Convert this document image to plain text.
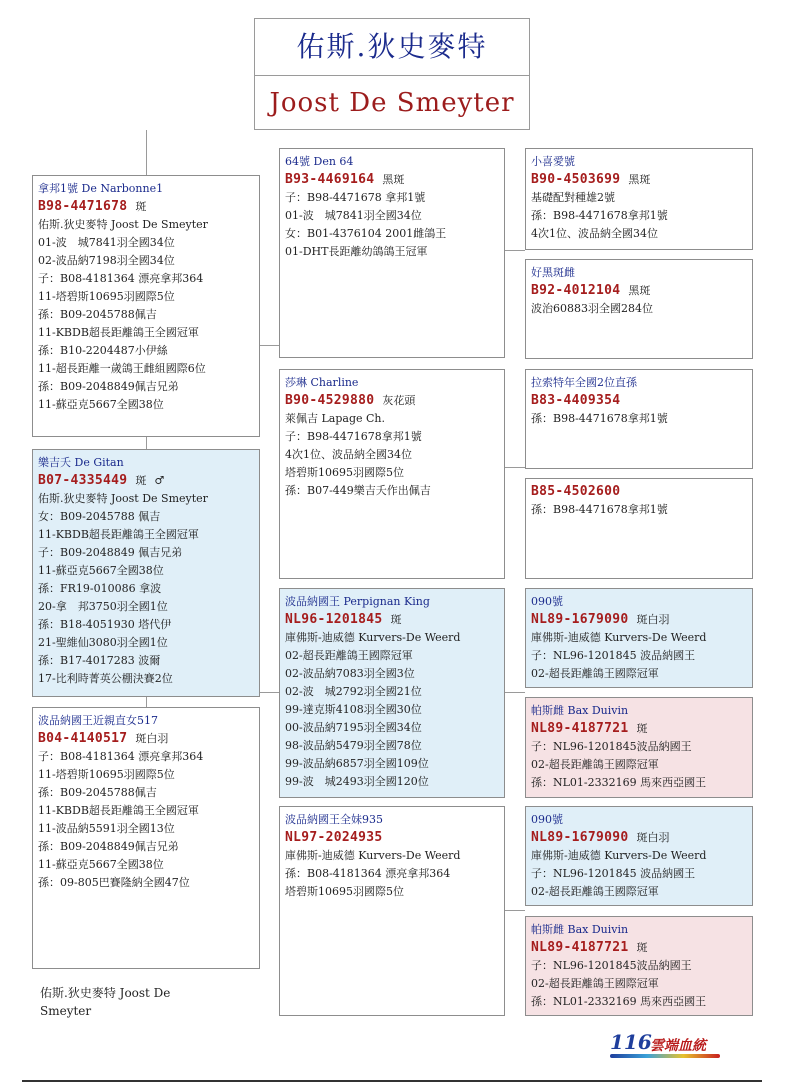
佑斯.狄史麥特
Joost De Smeyter
拿邦1號 De Narbonne1
B98-4471678 斑
佑斯.狄史麥特 Joost De Smeyter
01-波　城7841羽全國34位
02-波品納7198羽全國34位
子：B08-4181364 漂亮拿邦364
11-塔碧斯10695羽國際5位
孫：B09-2045788佩吉
11-KBDB超長距離鴿王全國冠軍
孫：B10-2204487小伊絲
11-超長距離一歲鴿王雌組國際6位
孫：B09-2048849佩吉兄弟
11-蘇亞克5667全國38位
64號 Den 64
B93-4469164 黑斑
子：B98-4471678 拿邦1號
01-波　城7841羽全國34位
女：B01-4376104 2001雌鴿王
01-DHT長距離幼鴿鴿王冠軍
小喜愛號
B90-4503699 黑斑
基礎配對種雄2號
孫：B98-4471678拿邦1號
4次1位、波品納全國34位
好黑斑雌
B92-4012104 黑斑
波治60883羽全國284位
莎琳 Charline
B90-4529880 灰花頭
萊佩吉 Lapage Ch.
子：B98-4471678拿邦1號
4次1位、波品納全國34位
塔碧斯10695羽國際5位
孫：B07-449樂吉夭作出佩吉
拉索特年全國2位直孫
B83-4409354
孫：B98-4471678拿邦1號
B85-4502600
孫：B98-4471678拿邦1號
樂吉夭 De Gitan
B07-4335449 斑 ♂
佑斯.狄史麥特 Joost De Smeyter
女：B09-2045788 佩吉
11-KBDB超長距離鴿王全國冠軍
子：B09-2048849 佩吉兄弟
11-蘇亞克5667全國38位
孫：FR19-010086 拿波
20-拿　邦3750羽全國1位
孫：B18-4051930 塔代伊
21-聖維仙3080羽全國1位
孫：B17-4017283 波爾
17-比利時菁英公棚決賽2位
波品納國王近親直女517
B04-4140517 斑白羽
子：B08-4181364 漂亮拿邦364
11-塔碧斯10695羽國際5位
孫：B09-2045788佩吉
11-KBDB超長距離鴿王全國冠軍
11-波品納5591羽全國13位
孫：B09-2048849佩吉兄弟
11-蘇亞克5667全國38位
孫：09-805巴賽隆納全國47位
波品納國王 Perpignan King
NL96-1201845 斑
庫佛斯-迪威德 Kurvers-De Weerd
02-超長距離鴿王國際冠軍
02-波品納7083羽全國3位
02-波　城2792羽全國21位
99-達克斯4108羽全國30位
00-波品納7195羽全國34位
98-波品納5479羽全國78位
99-波品納6857羽全國109位
99-波　城2493羽全國120位
090號
NL89-1679090 斑白羽
庫佛斯-迪威德 Kurvers-De Weerd
子：NL96-1201845 波品納國王
02-超長距離鴿王國際冠軍
帕斯雌 Bax Duivin
NL89-4187721 斑
子：NL96-1201845波品納國王
02-超長距離鴿王國際冠軍
孫：NL01-2332169 馬來西亞國王
波品納國王全妹935
NL97-2024935
庫佛斯-迪威德 Kurvers-De Weerd
孫：B08-4181364 漂亮拿邦364
塔碧斯10695羽國際5位
090號
NL89-1679090 斑白羽
庫佛斯-迪威德 Kurvers-De Weerd
子：NL96-1201845 波品納國王
02-超長距離鴿王國際冠軍
帕斯雌 Bax Duivin
NL89-4187721 斑
子：NL96-1201845波品納國王
02-超長距離鴿王國際冠軍
孫：NL01-2332169 馬來西亞國王
佑斯.狄史麥特 Joost De Smeyter
116
雲端血統
